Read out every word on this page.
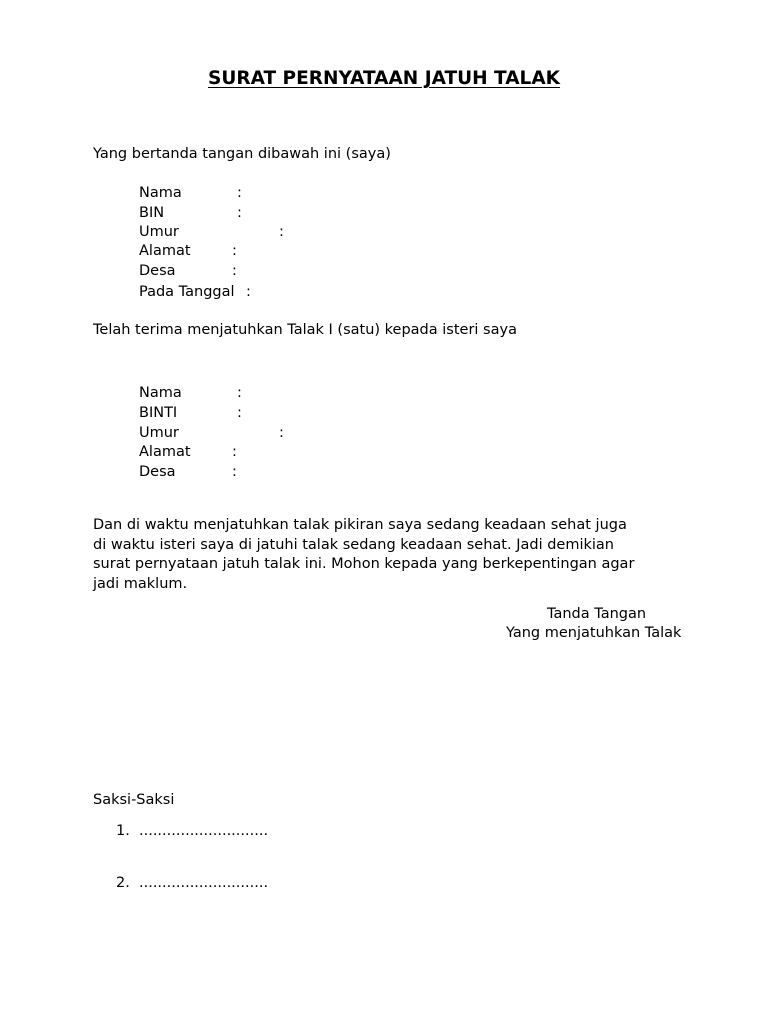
SURAT PERNYATAAN JATUH TALAK
Yang bertanda tangan dibawah ini (saya)
Nama	:
BIN	:
Umur	:
Alamat	:
Desa	:
Pada Tanggal :
Telah terima menjatuhkan Talak I (satu) kepada isteri saya
Nama	:
BINTI	:
Umur	:
Alamat	:
Desa	:
Dan di waktu menjatuhkan talak pikiran saya sedang keadaan sehat juga
di waktu isteri saya di jatuhi talak sedang keadaan sehat. Jadi demikian
surat pernyataan jatuh talak ini. Mohon kepada yang berkepentingan agar
jadi maklum.
Tanda Tangan
Yang menjatuhkan Talak
Saksi-Saksi
1. ............................
2. ............................
